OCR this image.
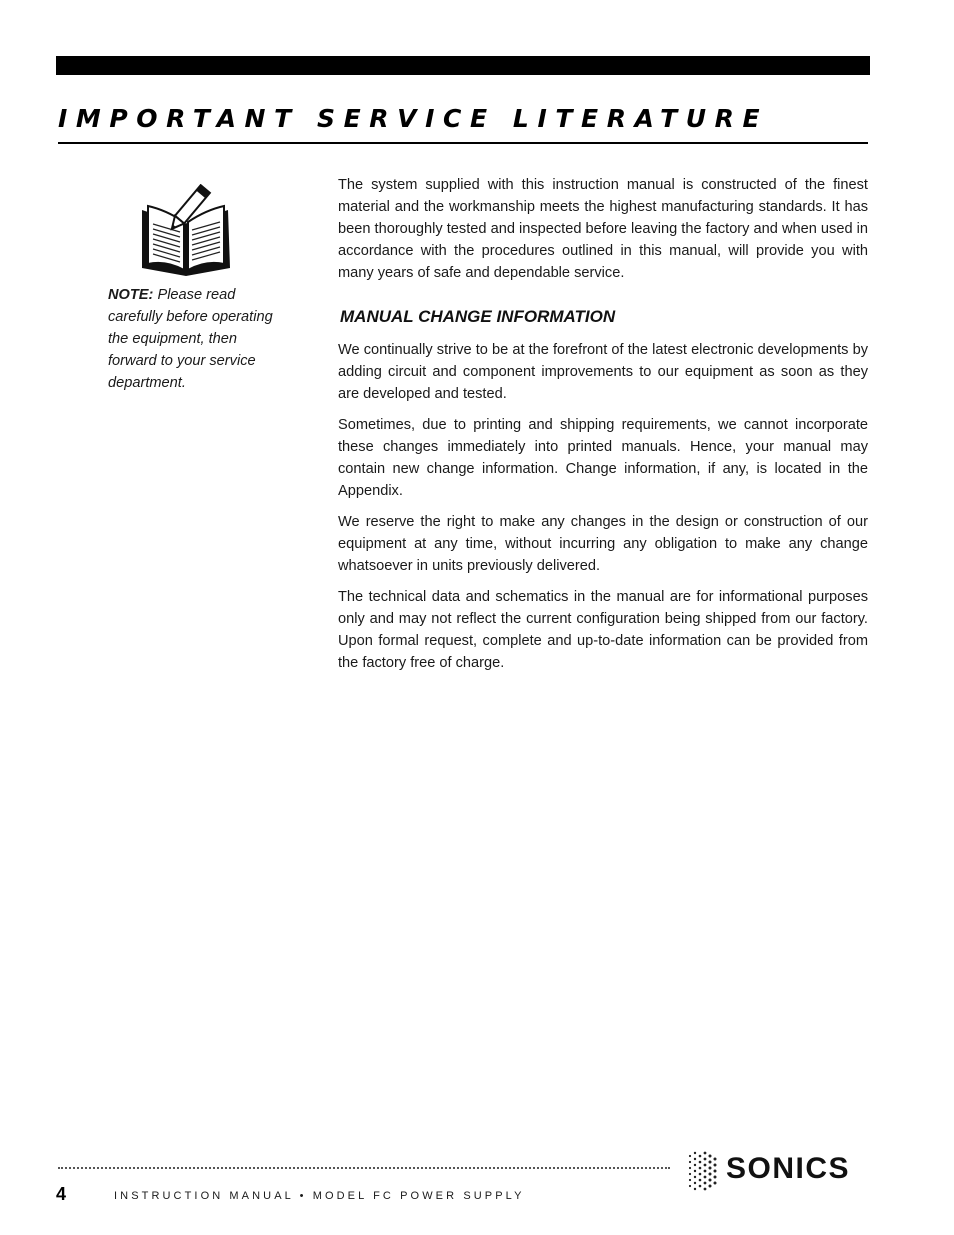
IMPORTANT SERVICE LITERATURE
NOTE: Please read carefully before operating the equipment, then forward to your service department.

The system supplied with this instruction manual is constructed of the finest material and the workmanship meets the highest manufacturing standards. It has been thoroughly tested and inspected before leaving the factory and when used in accordance with the procedures outlined in this manual, will provide you with many years of safe and dependable service.

MANUAL CHANGE INFORMATION

We continually strive to be at the forefront of the latest electronic developments by adding circuit and component improvements to our equipment as soon as they are developed and tested.

Sometimes, due to printing and shipping requirements, we cannot incorporate these changes immediately into printed manuals. Hence, your manual may contain new change information. Change information, if any, is located in the Appendix.

We reserve the right to make any changes in the design or construction of our equipment at any time, without incurring any obligation to make any change whatsoever in units previously delivered.

The technical data and schematics in the manual are for informational purposes only and may not reflect the current configuration being shipped from our factory. Upon formal request, complete and up-to-date information can be provided from the factory free of charge.

4	INSTRUCTION MANUAL • MODEL FC POWER SUPPLY
SONICS
